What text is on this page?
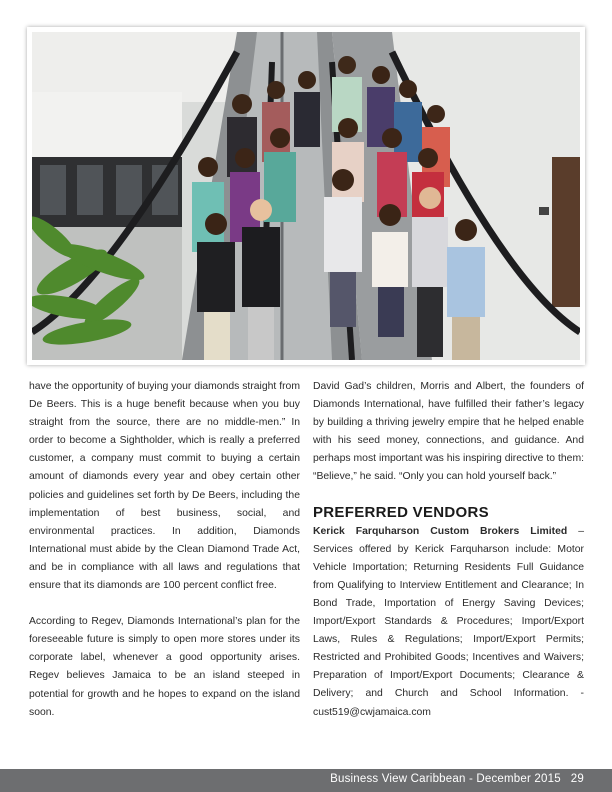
have the opportunity of buying your diamonds straight from De Beers. This is a huge benefit because when you buy straight from the source, there are no middle-men.” In order to become a Sightholder, which is really a preferred customer, a company must commit to buying a certain amount of diamonds every year and obey certain other policies and guidelines set forth by De Beers, including the implementation of best business, social, and environmental practices. In addition, Diamonds International must abide by the Clean Diamond Trade Act, and be in compliance with all laws and regulations that ensure that its diamonds are 100 percent conflict free.

According to Regev, Diamonds International’s plan for the foreseeable future is simply to open more stores under its corporate label, whenever a good opportunity arises. Regev believes Jamaica to be an island steeped in potential for growth and he hopes to expand on the island soon.

David Gad’s children, Morris and Albert, the founders of Diamonds International, have fulfilled their father’s legacy by building a thriving jewelry empire that he helped enable with his seed money, connections, and guidance. And perhaps most important was his inspiring directive to them: “Believe,” he said. “Only you can hold yourself back.”

PREFERRED VENDORS

Kerick Farquharson Custom Brokers Limited – Services offered by Kerick Farquharson include: Motor Vehicle Importation; Returning Residents Full Guidance from Qualifying to Interview Entitlement and Clearance; In Bond Trade, Importation of Energy Saving Devices; Import/Export Standards & Procedures; Import/Export Laws, Rules & Regulations; Import/Export Permits; Restricted and Prohibited Goods; Incentives and Waivers; Preparation of Import/Export Documents; Clearance & Delivery; and Church and School Information. - cust519@cwjamaica.com

Business View Caribbean - December 2015 29
